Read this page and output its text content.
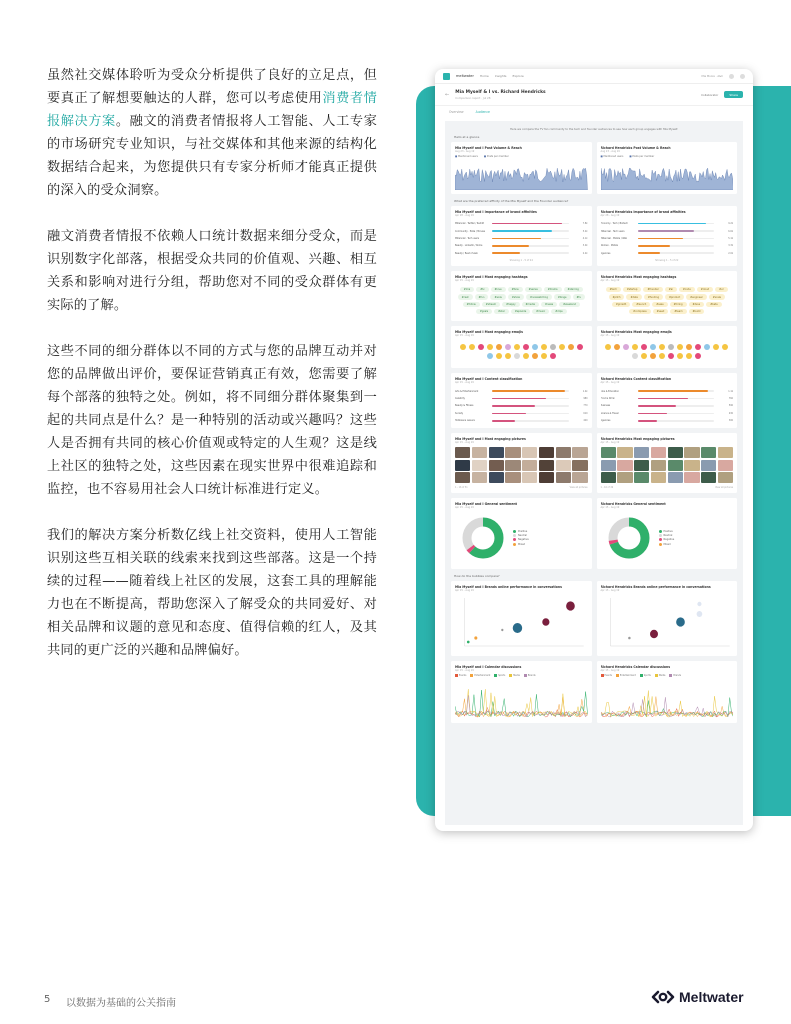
虽然社交媒体聆听为受众分析提供了良好的立足点，但要真正了解想要触达的人群，您可以考虑使用消费者情报解决方案。融文的消费者情报将人工智能、人工专家的市场研究专业知识，与社交媒体和其他来源的结构化数据结合起来，为您提供只有专家分析师才能真正提供的深入的受众洞察。

融文消费者情报不依赖人口统计数据来细分受众，而是识别数字化部落，根据受众共同的价值观、兴趣、相互关系和影响对进行分组，帮助您对不同的受众群体有更实际的了解。

这些不同的细分群体以不同的方式与您的品牌互动并对您的品牌做出评价，要保证营销真正有效，您需要了解每个部落的独特之处。例如，将不同细分群体聚集到一起的共同点是什么？是一种特别的活动或兴趣吗？这些人是否拥有共同的核心价值观或特定的人生观？这是线上社区的独特之处，这些因素在现实世界中很难追踪和监控，也不容易用社会人口统计标准进行定义。

我们的解决方案分析数亿线上社交资料，使用人工智能识别这些互相关联的线索来找到这些部落。这是一个持续的过程——随着线上社区的发展，这套工具的理解能力也在不断提高，帮助您深入了解受众的共同爱好、对相关品牌和议题的意见和态度、值得信赖的红人，及其共同的更广泛的兴趣和品牌偏好。

meltwater Home Insights Explore	Mia Moore · A&C
← Mia Myself & I vs. Richard Hendricks
Comparison report · Jul 28
Collaborator	Share
Overview	Audience
Here we compare the TV fan community to the tech and founder audiences to see how each group engages with Mia Myself.
Hello at a glance
Mia Myself and I Post Volume & Reach
Aug 23 - Aug 19
■ Mentioned users	■ Posts per member
Richard Hendricks Post Volume & Reach
Aug 23 - Aug 19
■ Mentioned users	■ Posts per member
What are the preferred affinity of the Mia Myself and the Founder audience?
Mia Myself and I Importance of brand affinities
Apr 28 - Aug 19
Millennial · Twitter / Reddit	7.8k
Community · Pizza / Movies	5.2k
Millennial · Tech users	4.1k
Beauty · LinkedIn / Rome	3.0k
Beauty / Best of web	2.2k
Showing 1 - 5 of 24
Richard Hendricks Importance of brand affinities
Apr 28 - Aug 19
Economy · Tech / Biotech	9.2k
Millennial · Tech users	6.6k
Millennial · Mobile / Web	5.1k
Women · Mobile	3.3k
Agencies	2.0k
Showing 1 - 5 of 22
Mia Myself and I Most engaging hashtags
Apr 15 - Aug 19
#mia	#tv	#love	#fans	#series	#drama	#starring
#cast	#fun	#wow	#show	#nowwatching	#binge	#tv
#follow	#stream	#happy	#media	#news	#weekend
#goals	#star	#episode	#music	#clips
Richard Hendricks Most engaging hashtags
Apr 15 - Aug 19
#tech	#startup	#founder	#ai	#code	#cloud	#vc
#pitch	#data	#funding	#product	#engineer	#scale
#growth	#launch	#saas	#hiring	#devs	#beta
#compress	#seed	#team	#build
Mia Myself and I Most engaging emojis
Apr 15 - Aug 19
Richard Hendricks Most engaging emojis
Apr 15 - Aug 19
Mia Myself and I Content classification
Apr 15 - Aug 19
Arts & Entertainment	1.4k
Celebrity	980
Beauty & Fitness	770
Society	610
Hobbies & Leisure	420
Richard Hendricks Content classification
Apr 15 - Aug 19
Jobs & Education	1.1k
Food & Drink	760
Business	590
Science & Travel	430
Agencies	300
Mia Myself and I Most engaging pictures
Apr 15 - Aug 19
1 - 16 of 51	View all pictures
Richard Hendricks Most engaging pictures
Apr 15 - Aug 19
1 - 16 of 49	View all pictures
Mia Myself and I General sentiment
Apr 15 - Aug 19
Positive
Neutral
Negative
Mixed
Richard Hendricks General sentiment
Apr 15 - Aug 19
Positive
Neutral
Negative
Mixed
How do the bubbles compare?
Mia Myself and I Brands online performance in conversations
Apr 15 - Aug 19
Richard Hendricks Brands online performance in conversations
Apr 15 - Aug 19
Mia Myself and I Calendar discussions
Apr 15 - Aug 19
Events	Entertainment	Sports	Media	Brands
Richard Hendricks Calendar discussions
Apr 15 - Aug 19
Events	Entertainment	Sports	Media	Brands
5 以数据为基础的公关指南	Meltwater
